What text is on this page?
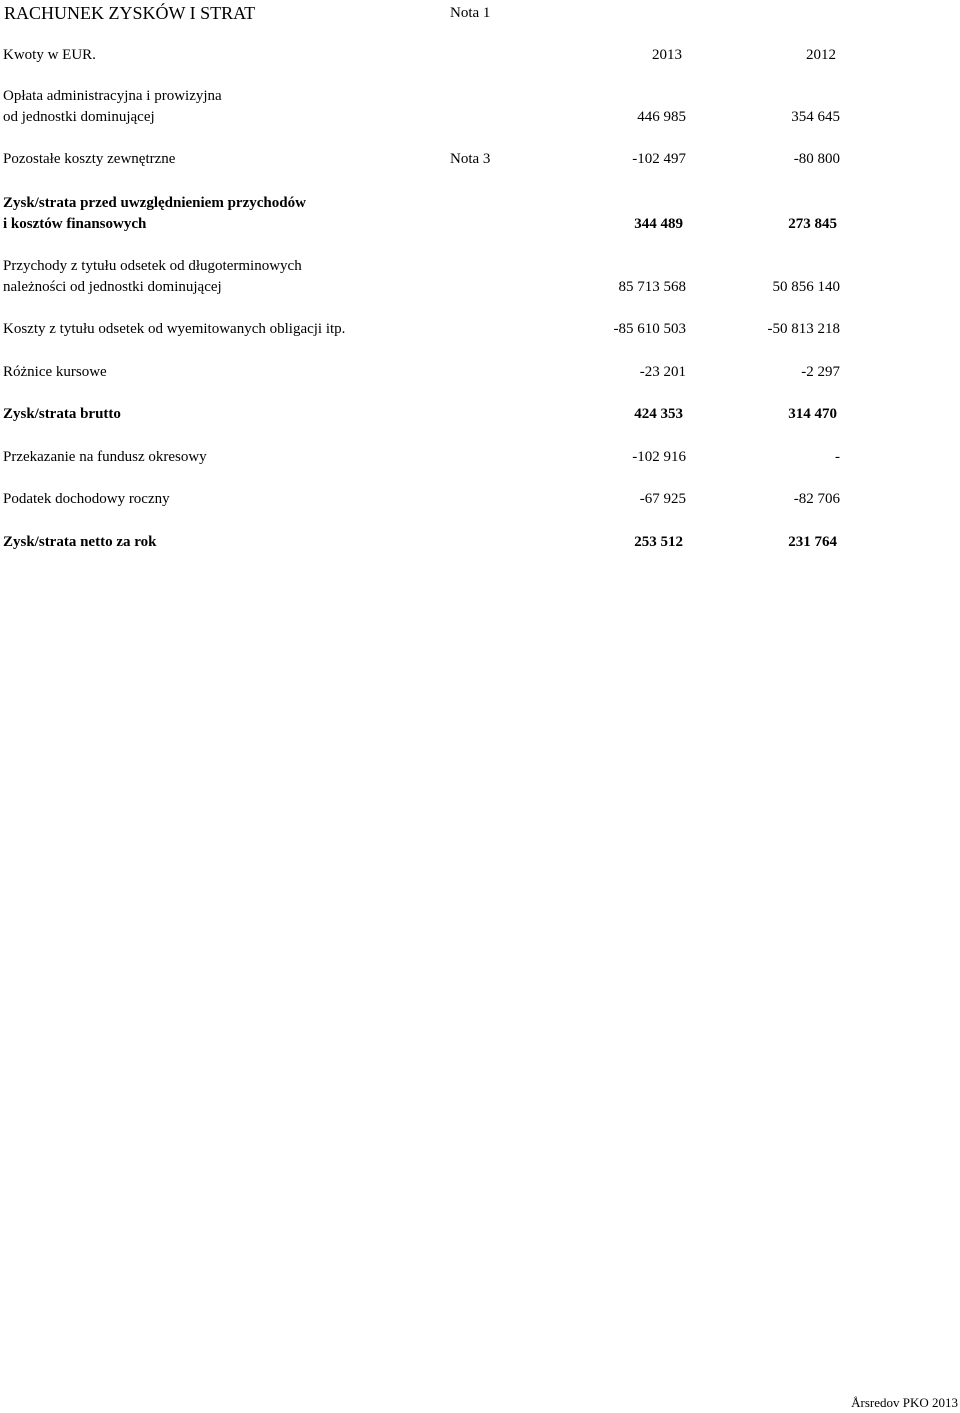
RACHUNEK ZYSKÓW I STRAT	Nota 1
Kwoty w EUR.	2013	2012
Opłata administracyjna i prowizyjna
od jednostki dominującej	446 985	354 645
Pozostałe koszty zewnętrzne	Nota 3	-102 497	-80 800
Zysk/strata przed uwzględnieniem przychodów
i kosztów finansowych	344 489	273 845
Przychody z tytułu odsetek od długoterminowych
należności od jednostki dominującej	85 713 568	50 856 140
Koszty z tytułu odsetek od wyemitowanych obligacji itp.	-85 610 503	-50 813 218
Różnice kursowe	-23 201	-2 297
Zysk/strata brutto	424 353	314 470
Przekazanie na fundusz okresowy	-102 916	-
Podatek dochodowy roczny	-67 925	-82 706
Zysk/strata netto za rok	253 512	231 764
Årsredov PKO 2013
